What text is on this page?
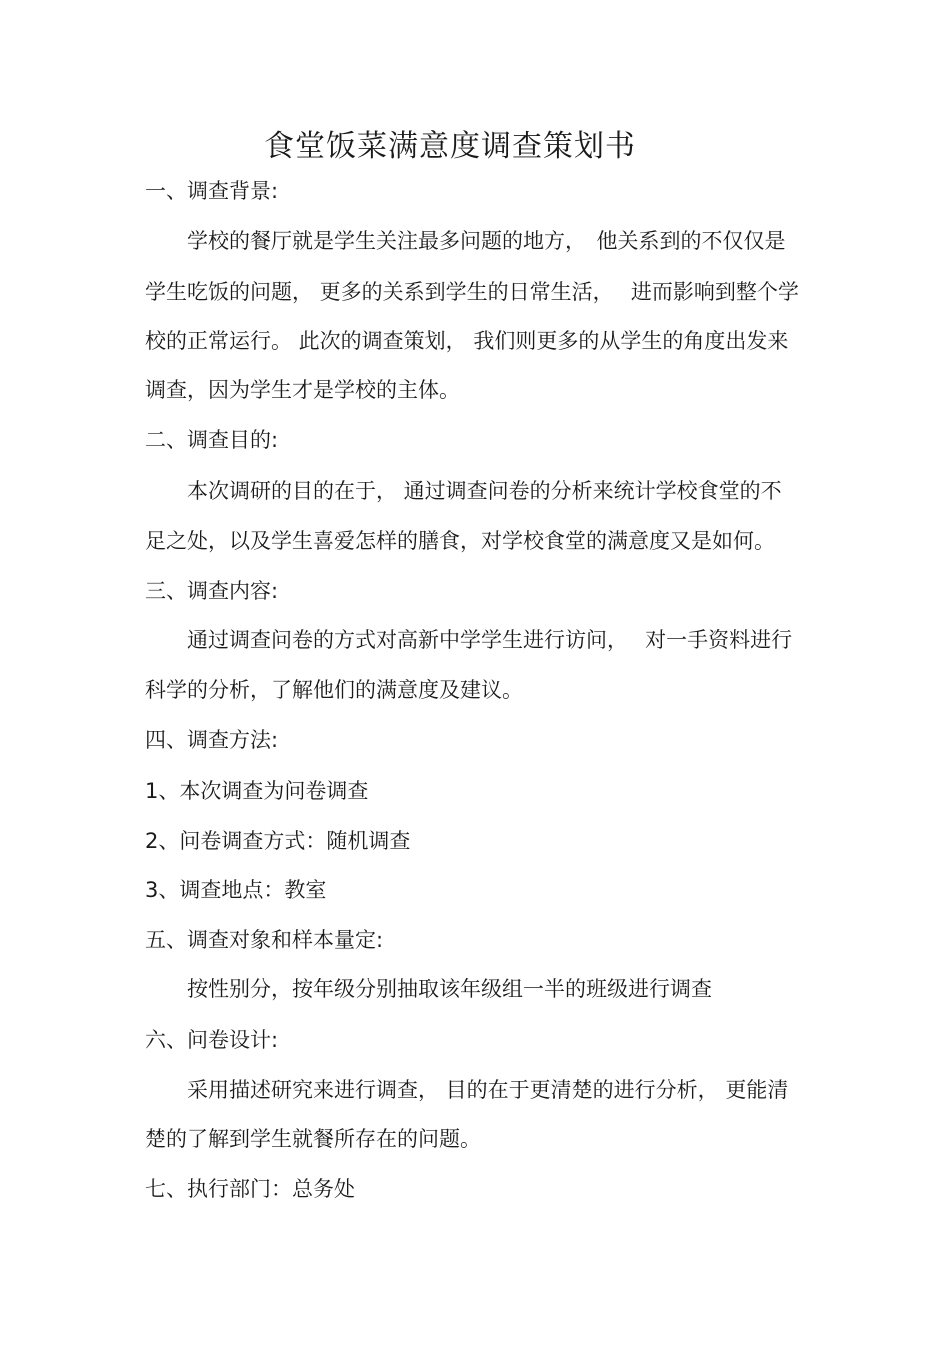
食堂饭菜满意度调查策划书
一、调查背景:
学校的餐厅就是学生关注最多问题的地方，　他关系到的不仅仅是
学生吃饭的问题， 更多的关系到学生的日常生活，　 进而影响到整个学
校的正常运行。 此次的调查策划， 我们则更多的从学生的角度出发来
调查，因为学生才是学校的主体。
二、调查目的:
本次调研的目的在于， 通过调查问卷的分析来统计学校食堂的不
足之处，以及学生喜爱怎样的膳食，对学校食堂的满意度又是如何。
三、调查内容:
通过调查问卷的方式对高新中学学生进行访问，　 对一手资料进行
科学的分析，了解他们的满意度及建议。
四、调查方法:
1、本次调查为问卷调查
2、问卷调查方式：随机调查
3、调查地点：教室
五、调查对象和样本量定:
按性别分，按年级分别抽取该年级组一半的班级进行调查
六、问卷设计:
采用描述研究来进行调查， 目的在于更清楚的进行分析， 更能清
楚的了解到学生就餐所存在的问题。
七、执行部门：总务处
